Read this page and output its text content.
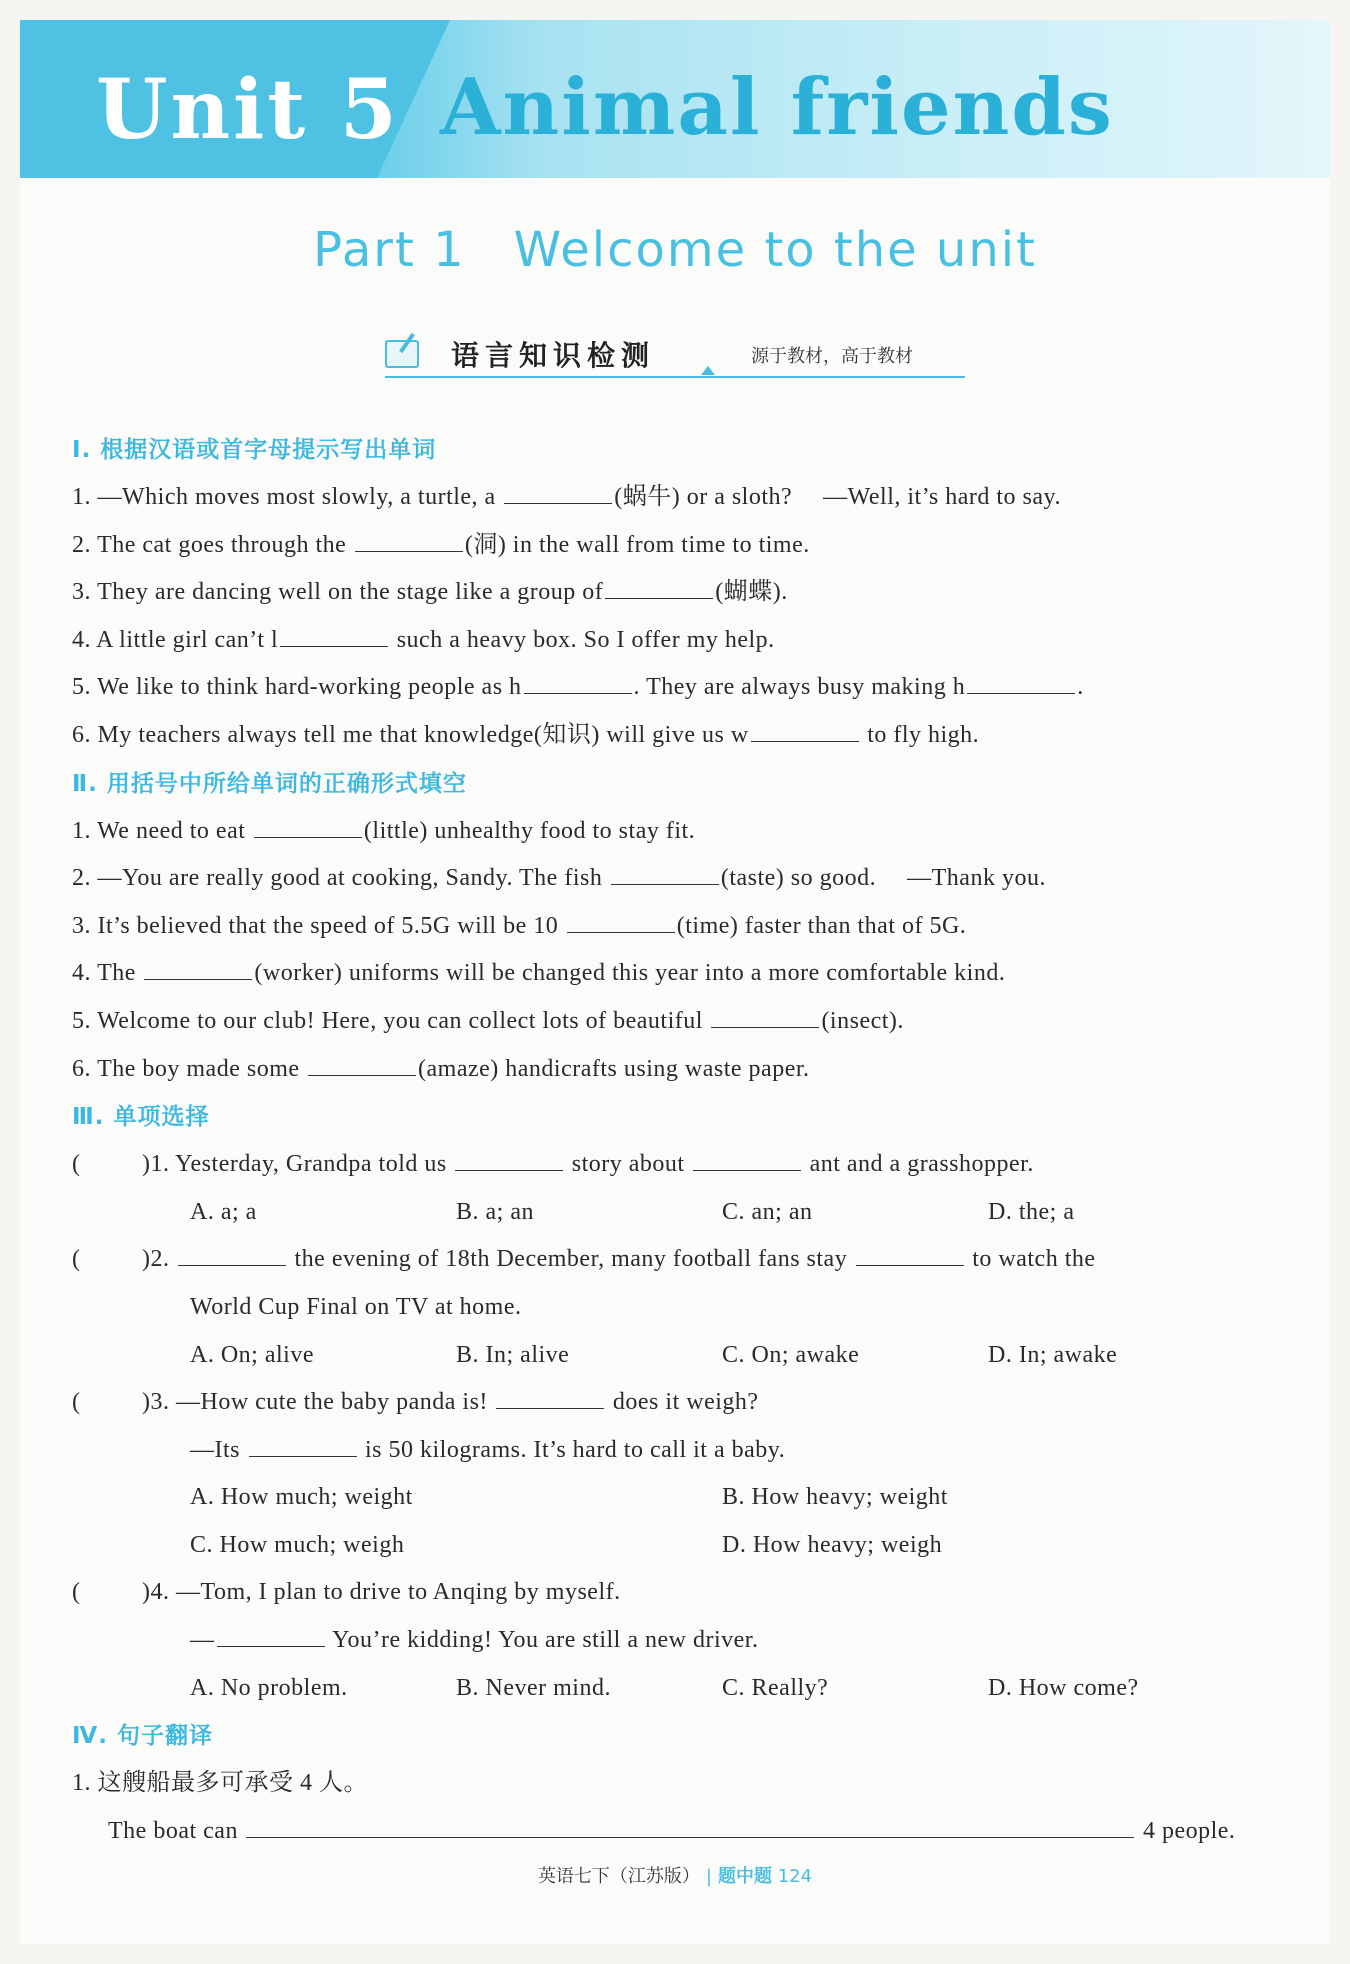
Unit 5 Animal friends
Part 1 Welcome to the unit
语言知识检测	源于教材，高于教材
Ⅰ. 根据汉语或首字母提示写出单词
1. —Which moves most slowly, a turtle, a	(蜗牛) or a sloth?　 —Well, it’s hard to say.
2. The cat goes through the	(洞) in the wall from time to time.
3. They are dancing well on the stage like a group of	(蝴蝶).
4. A little girl can’t l	such a heavy box. So I offer my help.
5. We like to think hard-working people as h	. They are always busy making h	.
6. My teachers always tell me that knowledge(知识) will give us w	to fly high.
Ⅱ. 用括号中所给单词的正确形式填空
1. We need to eat	(little) unhealthy food to stay fit.
2. —You are really good at cooking, Sandy. The fish	(taste) so good.　 —Thank you.
3. It’s believed that the speed of 5.5G will be 10	(time) faster than that of 5G.
4. The	(worker) uniforms will be changed this year into a more comfortable kind.
5. Welcome to our club! Here, you can collect lots of beautiful	(insect).
6. The boy made some	(amaze) handicrafts using waste paper.
Ⅲ. 单项选择
(	)1. Yesterday, Grandpa told us	story about	ant and a grasshopper.
A. a; a	B. a; an	C. an; an	D. the; a
(	)2.	the evening of 18th December, many football fans stay	to watch the
World Cup Final on TV at home.
A. On; alive	B. In; alive	C. On; awake	D. In; awake
(	)3. —How cute the baby panda is!	does it weigh?
—Its	is 50 kilograms. It’s hard to call it a baby.
A. How much; weight	B. How heavy; weight
C. How much; weigh	D. How heavy; weigh
(	)4. —Tom, I plan to drive to Anqing by myself.
—	You’re kidding! You are still a new driver.
A. No problem.	B. Never mind.	C. Really?	D. How come?
Ⅳ. 句子翻译
1. 这艘船最多可承受 4 人。
The boat can	4 people.
英语七下（江苏版） | 题中题 124
